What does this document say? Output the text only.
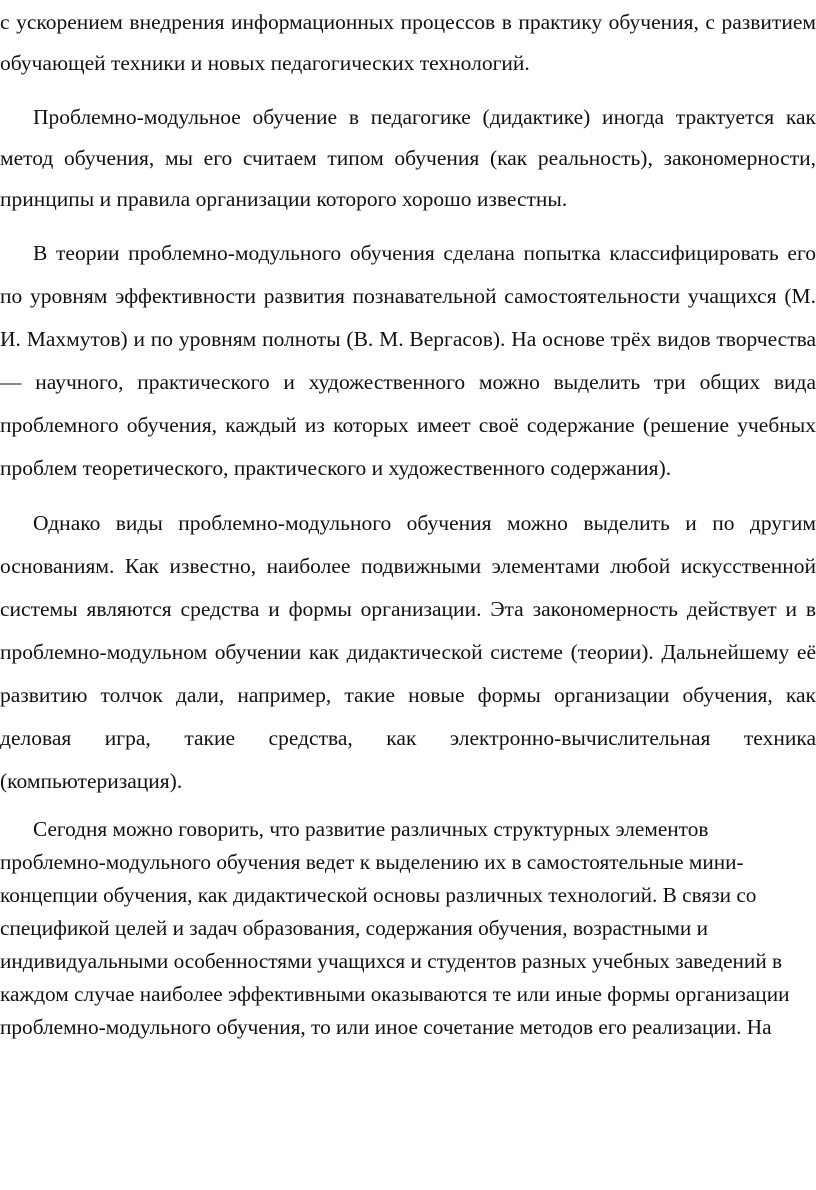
с ускорением внедрения информационных процессов в практику обучения, с развитием обучающей техники и новых педагогических технологий.

Проблемно-модульное обучение в педагогике (дидактике) иногда трактуется как метод обучения, мы его считаем типом обучения (как реальность), закономерности, принципы и правила организации которого хорошо известны.

В теории проблемно-модульного обучения сделана попытка классифицировать его по уровням эффективности развития познавательной самостоятельности учащихся (М. И. Махмутов) и по уровням полноты (В. М. Вергасов). На основе трёх видов творчества — научного, практического и художественного можно выделить три общих вида проблемного обучения, каждый из которых имеет своё содержание (решение учебных проблем теоретического, практического и художественного содержания).

Однако виды проблемно-модульного обучения можно выделить и по другим основаниям. Как известно, наиболее подвижными элементами любой искусственной системы являются средства и формы организации. Эта закономерность действует и в проблемно-модульном обучении как дидактической системе (теории). Дальнейшему её развитию толчок дали, например, такие новые формы организации обучения, как деловая игра, такие средства, как электронно-вычислительная техника (компьютеризация).

Сегодня можно говорить, что развитие различных структурных элементов проблемно-модульного обучения ведет к выделению их в самостоятельные мини-концепции обучения, как дидактической основы различных технологий. В связи со спецификой целей и задач образования, содержания обучения, возрастными и индивидуальными особенностями учащихся и студентов разных учебных заведений в каждом случае наиболее эффективными оказываются те или иные формы организации проблемно-модульного обучения, то или иное сочетание методов его реализации. На
